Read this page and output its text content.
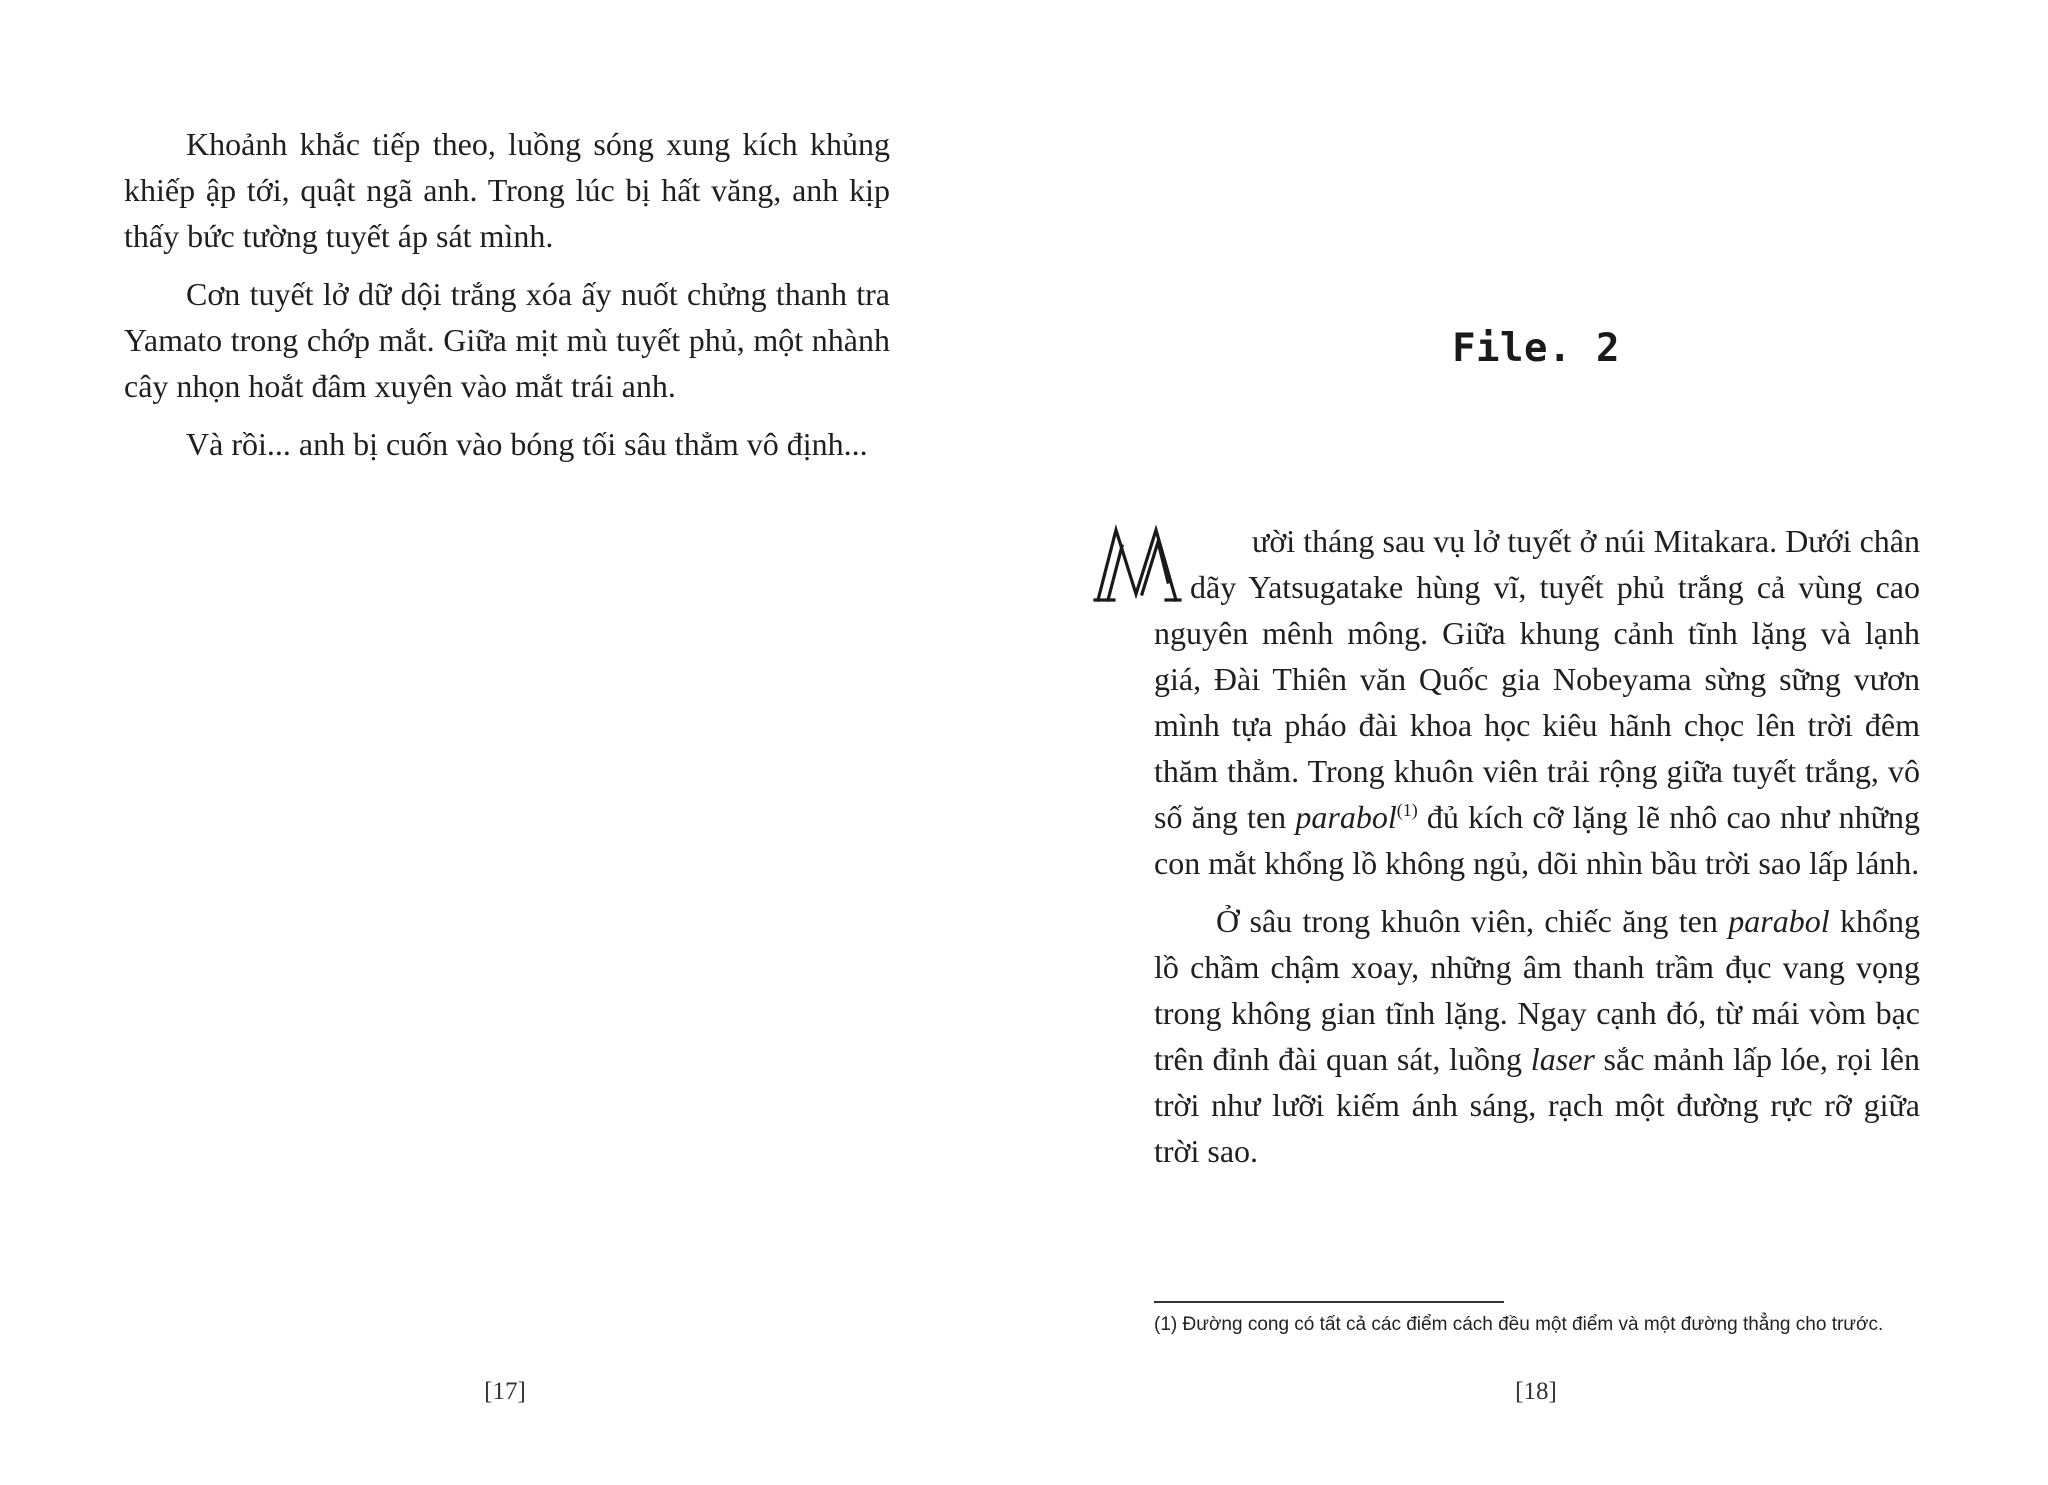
Khoảnh khắc tiếp theo, luồng sóng xung kích khủng khiếp ập tới, quật ngã anh. Trong lúc bị hất văng, anh kịp thấy bức tường tuyết áp sát mình.

Cơn tuyết lở dữ dội trắng xóa ấy nuốt chửng thanh tra Yamato trong chớp mắt. Giữa mịt mù tuyết phủ, một nhành cây nhọn hoắt đâm xuyên vào mắt trái anh.

Và rồi... anh bị cuốn vào bóng tối sâu thẳm vô định...

[17]
File. 2

ười tháng sau vụ lở tuyết ở núi Mitakara. Dưới chân dãy Yatsugatake hùng vĩ, tuyết phủ trắng cả vùng cao nguyên mênh mông. Giữa khung cảnh tĩnh lặng và lạnh giá, Đài Thiên văn Quốc gia Nobeyama sừng sững vươn mình tựa pháo đài khoa học kiêu hãnh chọc lên trời đêm thăm thẳm. Trong khuôn viên trải rộng giữa tuyết trắng, vô số ăng ten parabol$^{(1)}$ đủ kích cỡ lặng lẽ nhô cao như những con mắt khổng lồ không ngủ, dõi nhìn bầu trời sao lấp lánh.

Ở sâu trong khuôn viên, chiếc ăng ten parabol khổng lồ chầm chậm xoay, những âm thanh trầm đục vang vọng trong không gian tĩnh lặng. Ngay cạnh đó, từ mái vòm bạc trên đỉnh đài quan sát, luồng laser sắc mảnh lấp lóe, rọi lên trời như lưỡi kiếm ánh sáng, rạch một đường rực rỡ giữa trời sao.

(1) Đường cong có tất cả các điểm cách đều một điểm và một đường thẳng cho trước.
[18]
